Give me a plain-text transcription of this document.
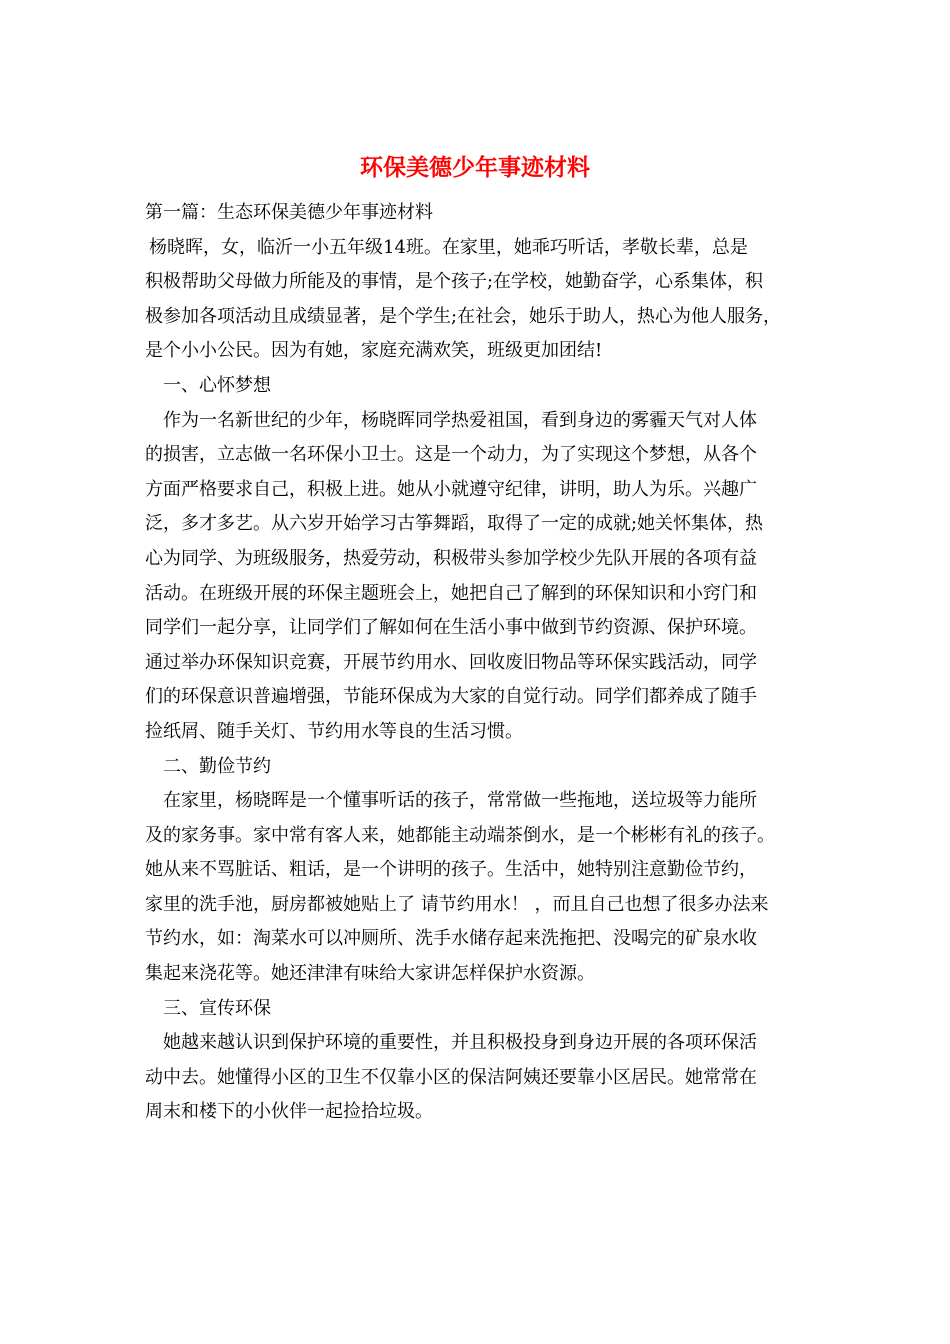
环保美德少年事迹材料
第一篇：生态环保美德少年事迹材料
杨晓晖，女，临沂一小五年级14班。在家里，她乖巧听话，孝敬长辈，总是
积极帮助父母做力所能及的事情，是个孩子;在学校，她勤奋学，心系集体，积
极参加各项活动且成绩显著，是个学生;在社会，她乐于助人，热心为他人服务，
是个小小公民。因为有她，家庭充满欢笑，班级更加团结!
一、心怀梦想
作为一名新世纪的少年，杨晓晖同学热爱祖国，看到身边的雾霾天气对人体
的损害，立志做一名环保小卫士。这是一个动力，为了实现这个梦想，从各个
方面严格要求自己，积极上进。她从小就遵守纪律，讲明，助人为乐。兴趣广
泛，多才多艺。从六岁开始学习古筝舞蹈，取得了一定的成就;她关怀集体，热
心为同学、为班级服务，热爱劳动，积极带头参加学校少先队开展的各项有益
活动。在班级开展的环保主题班会上，她把自己了解到的环保知识和小窍门和
同学们一起分享，让同学们了解如何在生活小事中做到节约资源、保护环境。
通过举办环保知识竞赛，开展节约用水、回收废旧物品等环保实践活动，同学
们的环保意识普遍增强，节能环保成为大家的自觉行动。同学们都养成了随手
捡纸屑、随手关灯、节约用水等良的生活习惯。
二、勤俭节约
在家里，杨晓晖是一个懂事听话的孩子，常常做一些拖地，送垃圾等力能所
及的家务事。家中常有客人来，她都能主动端茶倒水，是一个彬彬有礼的孩子。
她从来不骂脏话、粗话，是一个讲明的孩子。生活中，她特别注意勤俭节约，
家里的洗手池，厨房都被她贴上了 请节约用水！ ，而且自己也想了很多办法来
节约水，如：淘菜水可以冲厕所、洗手水储存起来洗拖把、没喝完的矿泉水收
集起来浇花等。她还津津有味给大家讲怎样保护水资源。
三、宣传环保
她越来越认识到保护环境的重要性，并且积极投身到身边开展的各项环保活
动中去。她懂得小区的卫生不仅靠小区的保洁阿姨还要靠小区居民。她常常在
周末和楼下的小伙伴一起捡拾垃圾。
